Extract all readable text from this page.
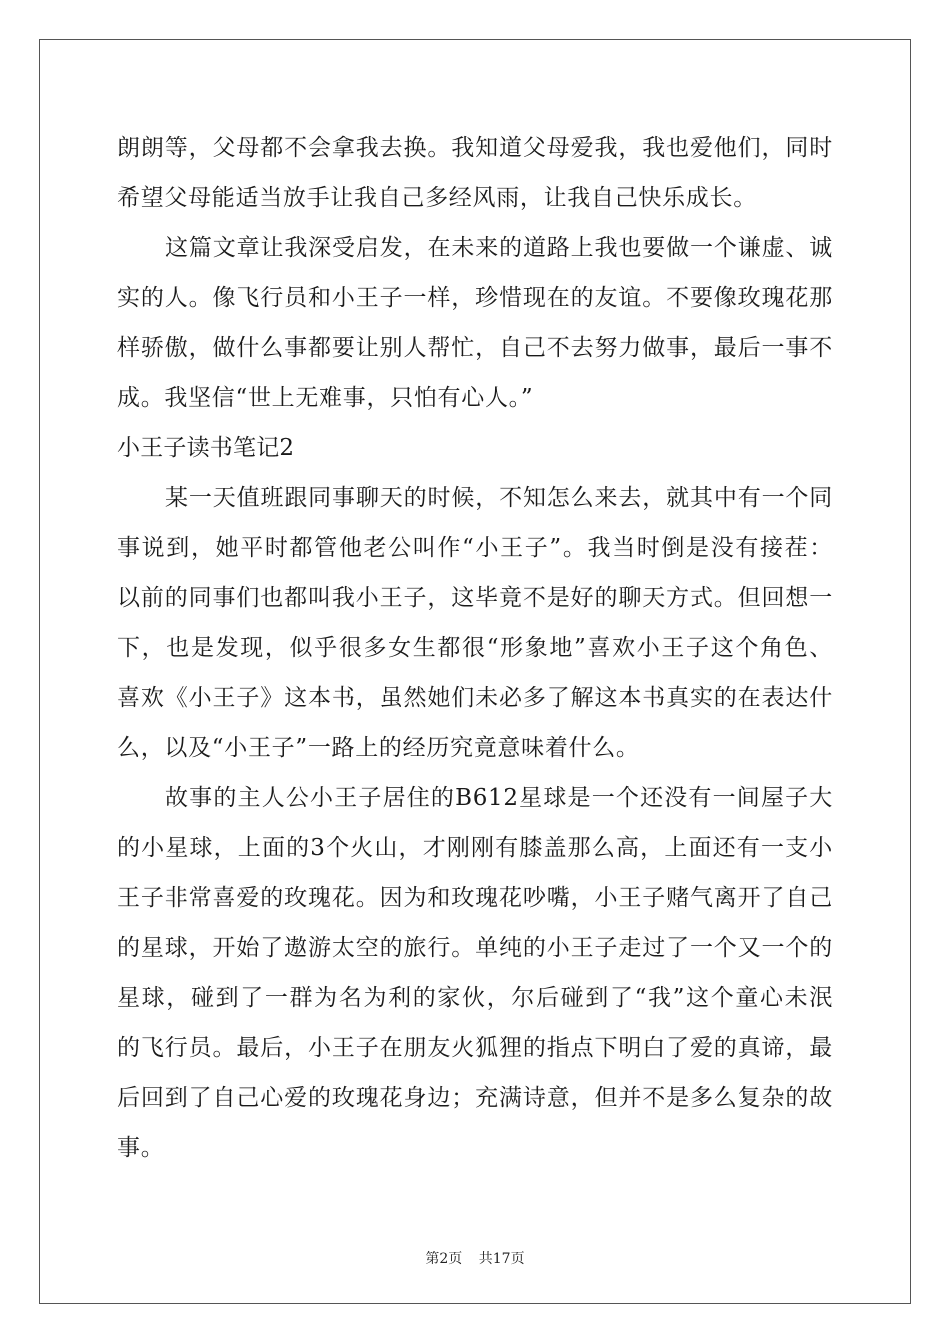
朗朗等，父母都不会拿我去换。我知道父母爱我，我也爱他们，同时
希望父母能适当放手让我自己多经风雨，让我自己快乐成长。
这篇文章让我深受启发，在未来的道路上我也要做一个谦虚、诚
实的人。像飞行员和小王子一样，珍惜现在的友谊。不要像玫瑰花那
样骄傲，做什么事都要让别人帮忙，自己不去努力做事，最后一事不
成。我坚信“世上无难事，只怕有心人。”
小王子读书笔记2
某一天值班跟同事聊天的时候，不知怎么来去，就其中有一个同
事说到，她平时都管他老公叫作“小王子”。我当时倒是没有接茬：
以前的同事们也都叫我小王子，这毕竟不是好的聊天方式。但回想一
下，也是发现，似乎很多女生都很“形象地”喜欢小王子这个角色、
喜欢《小王子》这本书，虽然她们未必多了解这本书真实的在表达什
么，以及“小王子”一路上的经历究竟意味着什么。
故事的主人公小王子居住的B612星球是一个还没有一间屋子大
的小星球，上面的3个火山，才刚刚有膝盖那么高，上面还有一支小
王子非常喜爱的玫瑰花。因为和玫瑰花吵嘴，小王子赌气离开了自己
的星球，开始了遨游太空的旅行。单纯的小王子走过了一个又一个的
星球，碰到了一群为名为利的家伙，尔后碰到了“我”这个童心未泯
的飞行员。最后，小王子在朋友火狐狸的指点下明白了爱的真谛，最
后回到了自己心爱的玫瑰花身边；充满诗意，但并不是多么复杂的故
事。
第2页 共17页
